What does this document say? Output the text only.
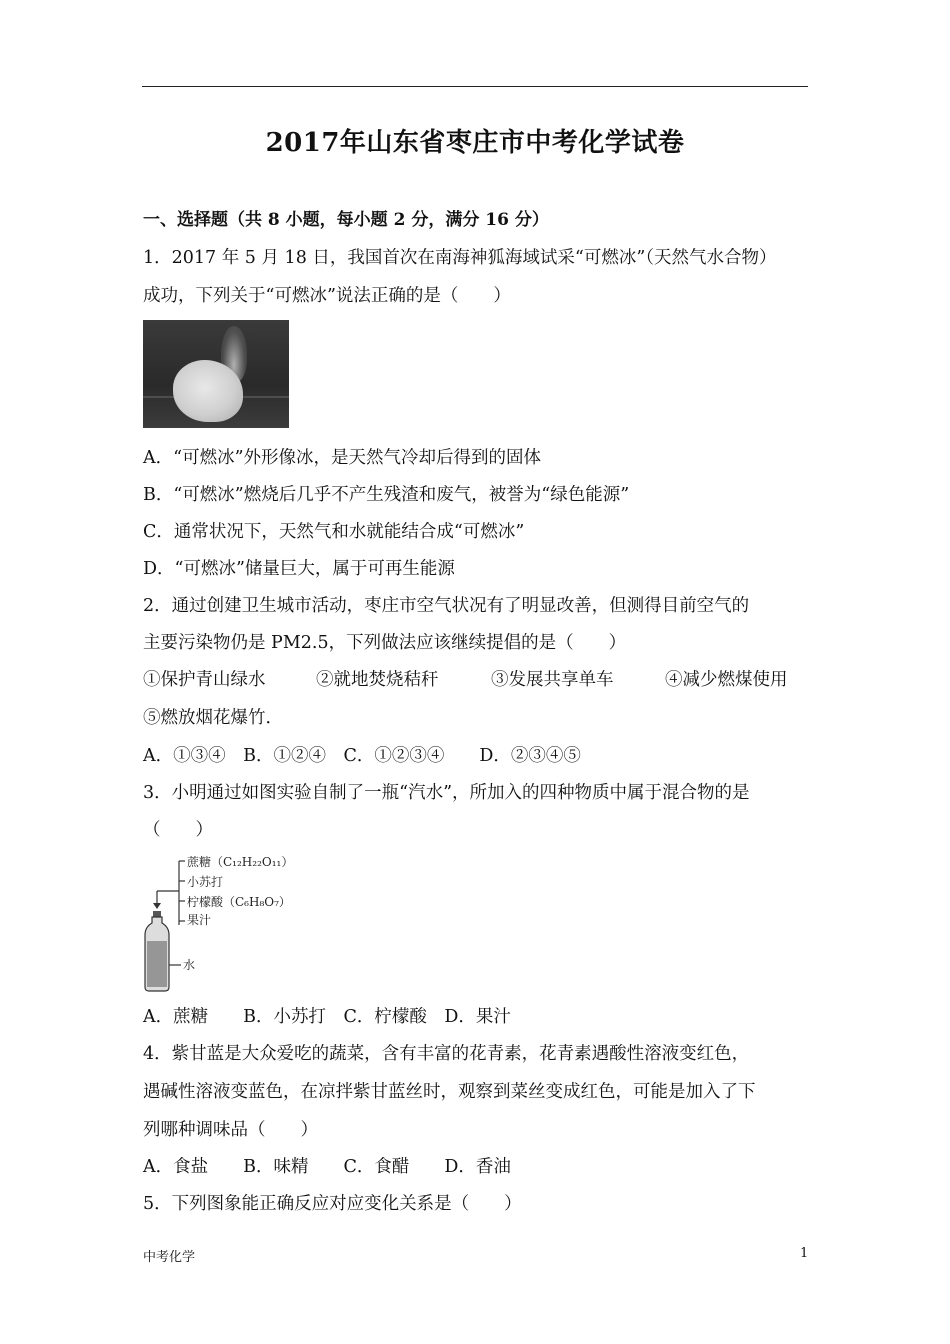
2017年山东省枣庄市中考化学试卷
一、选择题（共 8 小题，每小题 2 分，满分 16 分）
1．2017 年 5 月 18 日，我国首次在南海神狐海域试采“可燃冰”（天然气水合物）
成功，下列关于“可燃冰”说法正确的是（　　）
A．“可燃冰”外形像冰，是天然气冷却后得到的固体
B．“可燃冰”燃烧后几乎不产生残渣和废气，被誉为“绿色能源”
C．通常状况下，天然气和水就能结合成“可燃冰”
D．“可燃冰”储量巨大，属于可再生能源
2．通过创建卫生城市活动，枣庄市空气状况有了明显改善，但测得目前空气的
主要污染物仍是 PM2.5，下列做法应该继续提倡的是（　　）
①保护青山绿水	②就地焚烧秸秆	③发展共享单车	④减少燃煤使用
⑤燃放烟花爆竹．
A．①③④　B．①②④　C．①②③④　　D．②③④⑤
3．小明通过如图实验自制了一瓶“汽水”，所加入的四种物质中属于混合物的是
（　　）
蔗糖（C₁₂H₂₂O₁₁）
小苏打
柠檬酸（C₆H₈O₇）
果汁
水
A．蔗糖　　B．小苏打　C．柠檬酸　D．果汁
4．紫甘蓝是大众爱吃的蔬菜，含有丰富的花青素，花青素遇酸性溶液变红色，
遇碱性溶液变蓝色，在凉拌紫甘蓝丝时，观察到菜丝变成红色，可能是加入了下
列哪种调味品（　　）
A．食盐　　B．味精　　C．食醋　　D．香油
5．下列图象能正确反应对应变化关系是（　　）
中考化学	1
